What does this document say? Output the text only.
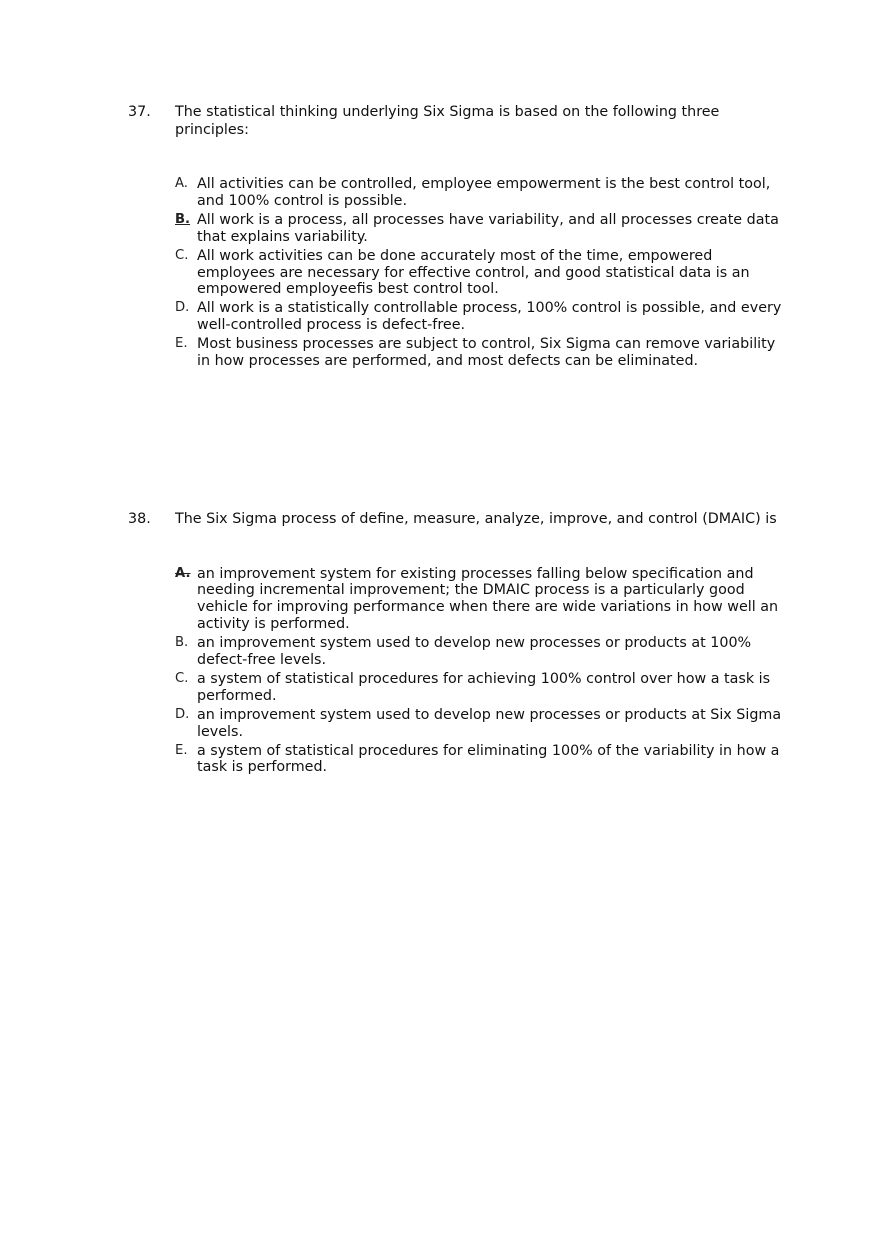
37. The statistical thinking underlying Six Sigma is based on the following three principles:
A. All activities can be controlled, employee empowerment is the best control tool, and 100% control is possible.
B. All work is a process, all processes have variability, and all processes create data that explains variability.
C. All work activities can be done accurately most of the time, empowered employees are necessary for effective control, and good statistical data is an empowered employeefis best control tool.
D. All work is a statistically controllable process, 100% control is possible, and every well-controlled process is defect-free.
E. Most business processes are subject to control, Six Sigma can remove variability in how processes are performed, and most defects can be eliminated.
38. The Six Sigma process of define, measure, analyze, improve, and control (DMAIC) is
A. an improvement system for existing processes falling below specification and needing incremental improvement; the DMAIC process is a particularly good vehicle for improving performance when there are wide variations in how well an activity is performed.
B. an improvement system used to develop new processes or products at 100% defect-free levels.
C. a system of statistical procedures for achieving 100% control over how a task is performed.
D. an improvement system used to develop new processes or products at Six Sigma levels.
E. a system of statistical procedures for eliminating 100% of the variability in how a task is performed.
